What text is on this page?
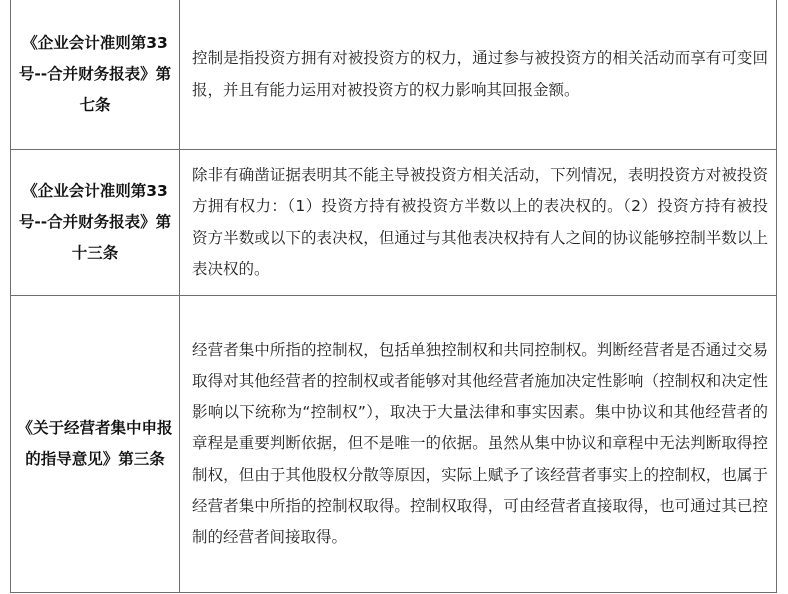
《企业会计准则第33号--合并财务报表》第七条	控制是指投资方拥有对被投资方的权力，通过参与被投资方的相关活动而享有可变回报，并且有能力运用对被投资方的权力影响其回报金额。

《企业会计准则第33号--合并财务报表》第十三条	除非有确凿证据表明其不能主导被投资方相关活动，下列情况，表明投资方对被投资方拥有权力：（1）投资方持有被投资方半数以上的表决权的。（2）投资方持有被投资方半数或以下的表决权，但通过与其他表决权持有人之间的协议能够控制半数以上表决权的。

《关于经营者集中申报的指导意见》第三条	经营者集中所指的控制权，包括单独控制权和共同控制权。判断经营者是否通过交易取得对其他经营者的控制权或者能够对其他经营者施加决定性影响（控制权和决定性影响以下统称为“控制权”），取决于大量法律和事实因素。集中协议和其他经营者的章程是重要判断依据，但不是唯一的依据。虽然从集中协议和章程中无法判断取得控制权，但由于其他股权分散等原因，实际上赋予了该经营者事实上的控制权，也属于经营者集中所指的控制权取得。控制权取得，可由经营者直接取得，也可通过其已控制的经营者间接取得。
